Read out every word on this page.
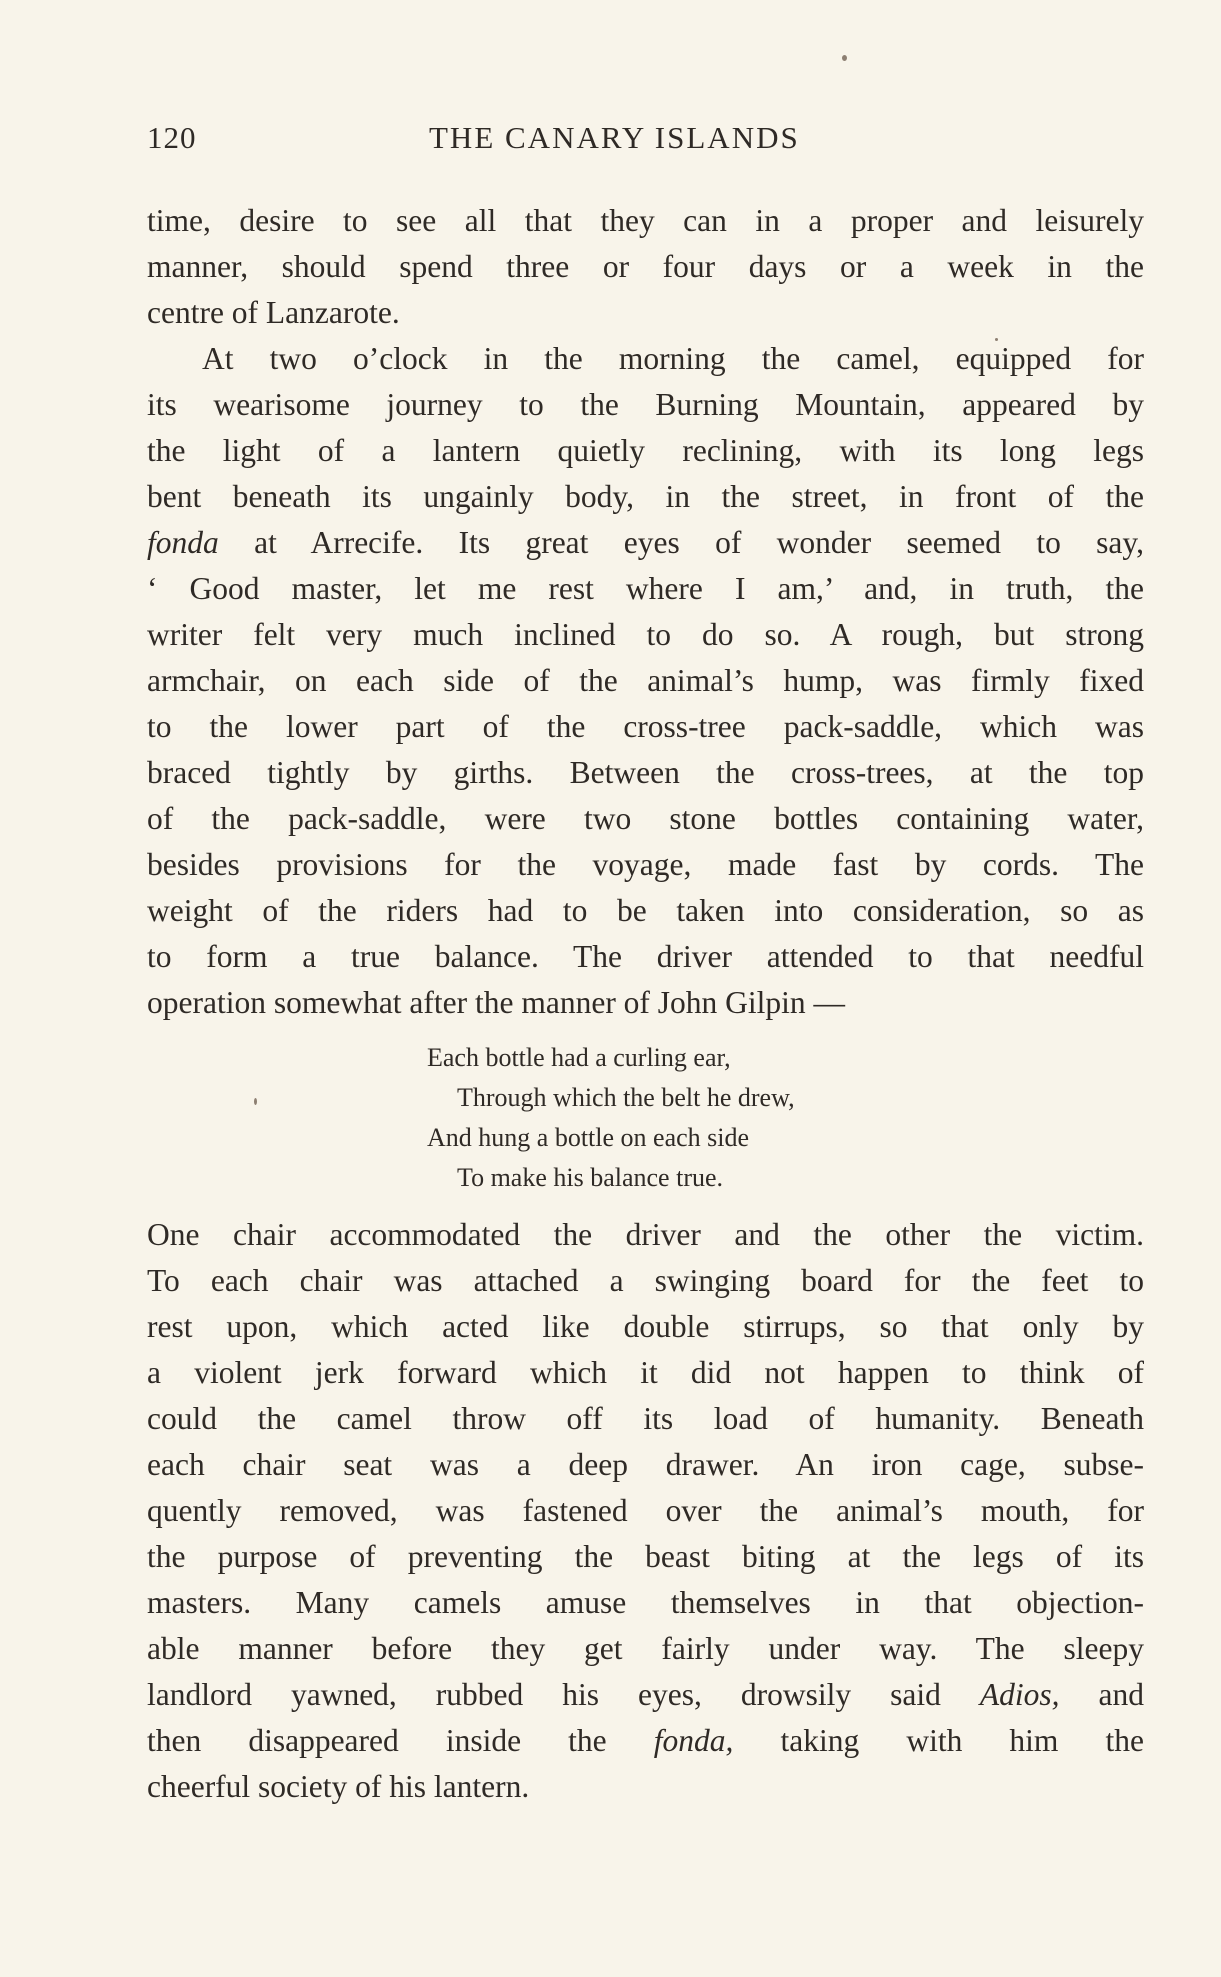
120	THE CANARY ISLANDS
time, desire to see all that they can in a proper and leisurely
manner, should spend three or four days or a week in the
centre of Lanzarote.
At two o’clock in the morning the camel, equipped for
its wearisome journey to the Burning Mountain, appeared by
the light of a lantern quietly reclining, with its long legs
bent beneath its ungainly body, in the street, in front of the
fonda at Arrecife. Its great eyes of wonder seemed to say,
‘ Good master, let me rest where I am,’ and, in truth, the
writer felt very much inclined to do so. A rough, but strong
armchair, on each side of the animal’s hump, was firmly fixed
to the lower part of the cross-tree pack-saddle, which was
braced tightly by girths. Between the cross-trees, at the top
of the pack-saddle, were two stone bottles containing water,
besides provisions for the voyage, made fast by cords. The
weight of the riders had to be taken into consideration, so as
to form a true balance. The driver attended to that needful
operation somewhat after the manner of John Gilpin —
Each bottle had a curling ear,
Through which the belt he drew,
And hung a bottle on each side
To make his balance true.
One chair accommodated the driver and the other the victim.
To each chair was attached a swinging board for the feet to
rest upon, which acted like double stirrups, so that only by
a violent jerk forward which it did not happen to think of
could the camel throw off its load of humanity. Beneath
each chair seat was a deep drawer. An iron cage, subse-
quently removed, was fastened over the animal’s mouth, for
the purpose of preventing the beast biting at the legs of its
masters. Many camels amuse themselves in that objection-
able manner before they get fairly under way. The sleepy
landlord yawned, rubbed his eyes, drowsily said Adios, and
then disappeared inside the fonda, taking with him the
cheerful society of his lantern.
